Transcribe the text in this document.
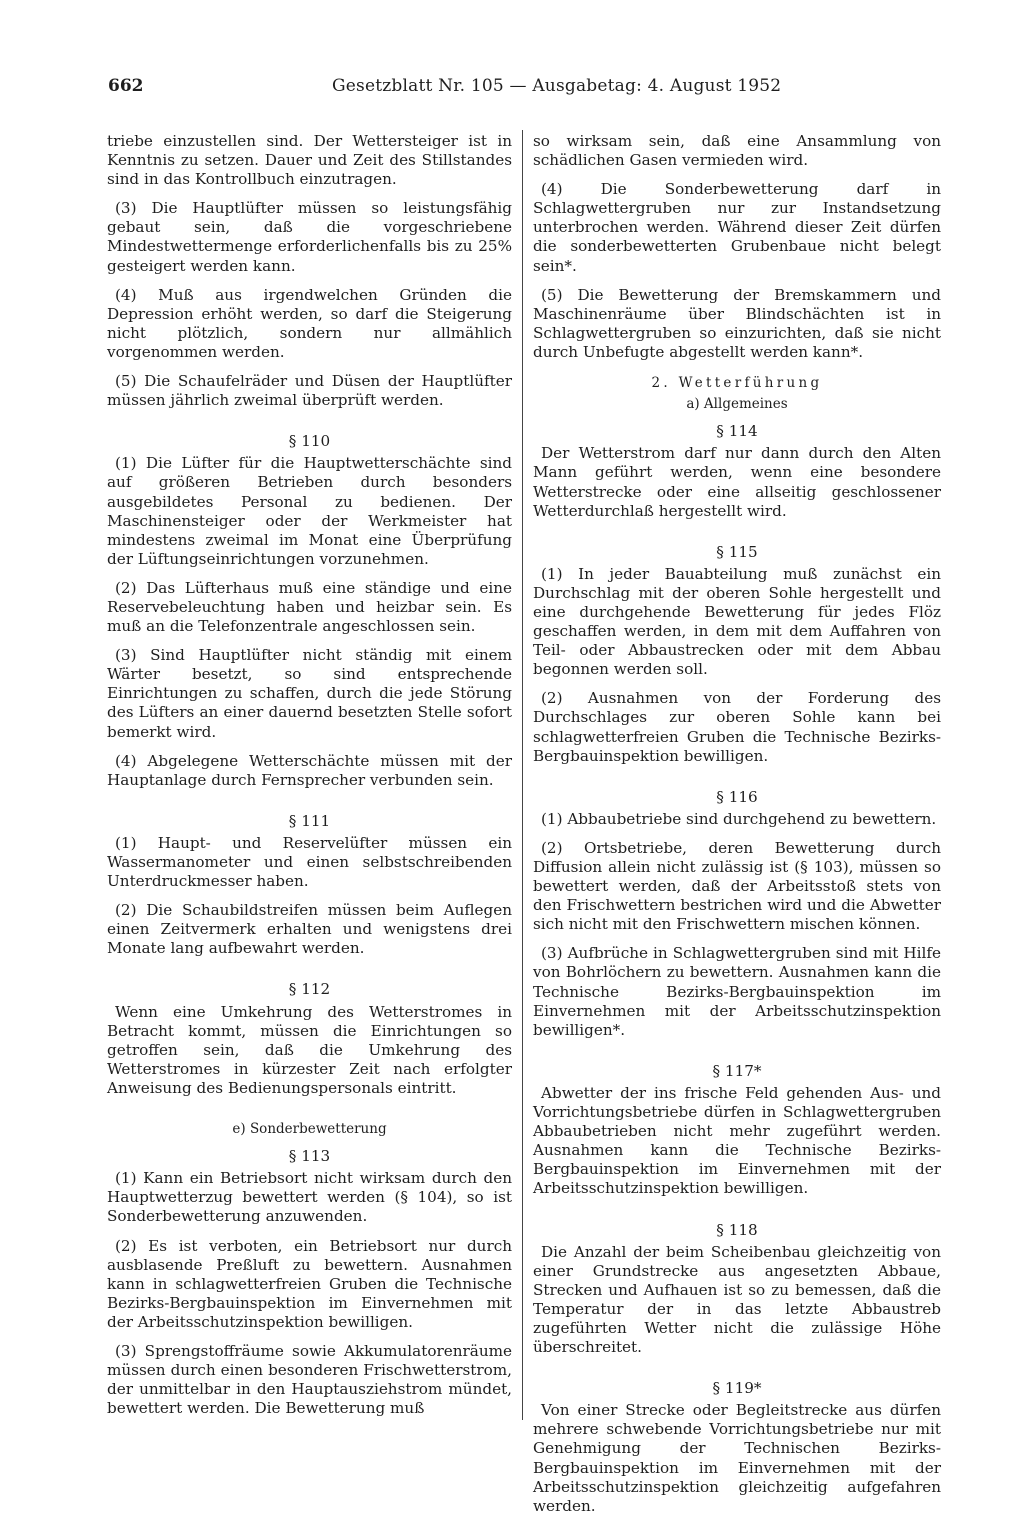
662	Gesetzblatt Nr. 105 — Ausgabetag: 4. August 1952

triebe einzustellen sind. Der Wettersteiger ist in Kenntnis zu setzen. Dauer und Zeit des Stillstandes sind in das Kontrollbuch einzutragen.

(3) Die Hauptlüfter müssen so leistungsfähig gebaut sein, daß die vorgeschriebene Mindestwettermenge erforderlichenfalls bis zu 25% gesteigert werden kann.

(4) Muß aus irgendwelchen Gründen die Depression erhöht werden, so darf die Steigerung nicht plötzlich, sondern nur allmählich vorgenommen werden.

(5) Die Schaufelräder und Düsen der Hauptlüfter müssen jährlich zweimal überprüft werden.

§ 110

(1) Die Lüfter für die Hauptwetterschächte sind auf größeren Betrieben durch besonders ausgebildetes Personal zu bedienen. Der Maschinensteiger oder der Werkmeister hat mindestens zweimal im Monat eine Überprüfung der Lüftungseinrichtungen vorzunehmen.

(2) Das Lüfterhaus muß eine ständige und eine Reservebeleuchtung haben und heizbar sein. Es muß an die Telefonzentrale angeschlossen sein.

(3) Sind Hauptlüfter nicht ständig mit einem Wärter besetzt, so sind entsprechende Einrichtungen zu schaffen, durch die jede Störung des Lüfters an einer dauernd besetzten Stelle sofort bemerkt wird.

(4) Abgelegene Wetterschächte müssen mit der Hauptanlage durch Fernsprecher verbunden sein.

§ 111

(1) Haupt- und Reservelüfter müssen ein Wassermanometer und einen selbstschreibenden Unterdruckmesser haben.

(2) Die Schaubildstreifen müssen beim Auflegen einen Zeitvermerk erhalten und wenigstens drei Monate lang aufbewahrt werden.

§ 112

Wenn eine Umkehrung des Wetterstromes in Betracht kommt, müssen die Einrichtungen so getroffen sein, daß die Umkehrung des Wetterstromes in kürzester Zeit nach erfolgter Anweisung des Bedienungspersonals eintritt.

e) Sonderbewetterung
§ 113

(1) Kann ein Betriebsort nicht wirksam durch den Hauptwetterzug bewettert werden (§ 104), so ist Sonderbewetterung anzuwenden.

(2) Es ist verboten, ein Betriebsort nur durch ausblasende Preßluft zu bewettern. Ausnahmen kann in schlagwetterfreien Gruben die Technische Bezirks-Bergbauinspektion im Einvernehmen mit der Arbeitsschutzinspektion bewilligen.

(3) Sprengstoffräume sowie Akkumulatorenräume müssen durch einen besonderen Frischwetterstrom, der unmittelbar in den Hauptausziehstrom mündet, bewettert werden. Die Bewetterung muß

so wirksam sein, daß eine Ansammlung von schädlichen Gasen vermieden wird.

(4) Die Sonderbewetterung darf in Schlagwettergruben nur zur Instandsetzung unterbrochen werden. Während dieser Zeit dürfen die sonderbewetterten Grubenbaue nicht belegt sein*.

(5) Die Bewetterung der Bremskammern und Maschinenräume über Blindschächten ist in Schlagwettergruben so einzurichten, daß sie nicht durch Unbefugte abgestellt werden kann*.

2. Wetterführung
a) Allgemeines
§ 114

Der Wetterstrom darf nur dann durch den Alten Mann geführt werden, wenn eine besondere Wetterstrecke oder eine allseitig geschlossener Wetterdurchlaß hergestellt wird.

§ 115

(1) In jeder Bauabteilung muß zunächst ein Durchschlag mit der oberen Sohle hergestellt und eine durchgehende Bewetterung für jedes Flöz geschaffen werden, in dem mit dem Auffahren von Teil- oder Abbaustrecken oder mit dem Abbau begonnen werden soll.

(2) Ausnahmen von der Forderung des Durchschlages zur oberen Sohle kann bei schlagwetterfreien Gruben die Technische Bezirks-Bergbauinspektion bewilligen.

§ 116

(1) Abbaubetriebe sind durchgehend zu bewettern.

(2) Ortsbetriebe, deren Bewetterung durch Diffusion allein nicht zulässig ist (§ 103), müssen so bewettert werden, daß der Arbeitsstoß stets von den Frischwettern bestrichen wird und die Abwetter sich nicht mit den Frischwettern mischen können.

(3) Aufbrüche in Schlagwettergruben sind mit Hilfe von Bohrlöchern zu bewettern. Ausnahmen kann die Technische Bezirks-Bergbauinspektion im Einvernehmen mit der Arbeitsschutzinspektion bewilligen*.

§ 117*

Abwetter der ins frische Feld gehenden Aus- und Vorrichtungsbetriebe dürfen in Schlagwettergruben Abbaubetrieben nicht mehr zugeführt werden. Ausnahmen kann die Technische Bezirks-Bergbauinspektion im Einvernehmen mit der Arbeitsschutzinspektion bewilligen.

§ 118

Die Anzahl der beim Scheibenbau gleichzeitig von einer Grundstrecke aus angesetzten Abbaue, Strecken und Aufhauen ist so zu bemessen, daß die Temperatur der in das letzte Abbaustreb zugeführten Wetter nicht die zulässige Höhe überschreitet.

§ 119*

Von einer Strecke oder Begleitstrecke aus dürfen mehrere schwebende Vorrichtungsbetriebe nur mit Genehmigung der Technischen Bezirks-Bergbauinspektion im Einvernehmen mit der Arbeitsschutzinspektion gleichzeitig aufgefahren werden.
